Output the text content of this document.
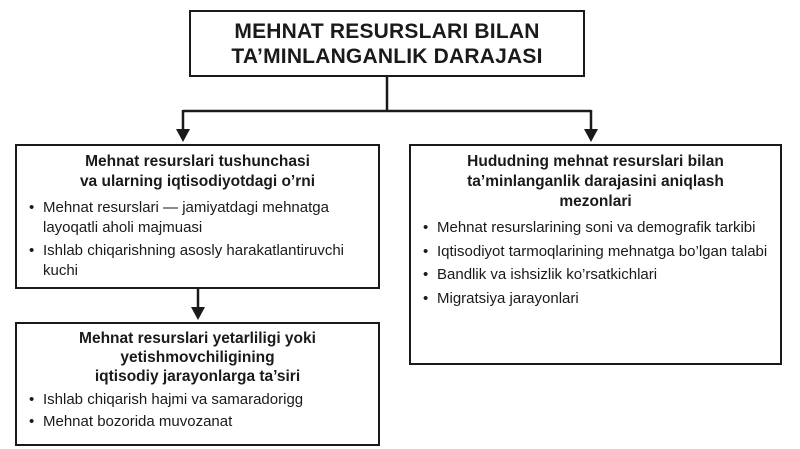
MEHNAT RESURSLARI BILAN
TA’MINLANGANLIK DARAJASI
Mehnat resurslari tushunchasi
va ularning iqtisodiyotdagi o’rni
• Mehnat resurslari — jamiyatdagi mehnatga layoqatli aholi majmuasi
• Ishlab chiqarishning asosly harakatlantiruvchi kuchi
Hududning mehnat resurslari bilan
ta’minlanganlik darajasini aniqlash
mezonlari
• Mehnat resurslarining soni va demografik tarkibi
• Iqtisodiyot tarmoqlarining mehnatga bo’lgan talabi
• Bandlik va ishsizlik ko’rsatkichlari
• Migratsiya jarayonlari
Mehnat resurslari yetarliligi yoki
yetishmovchiligining
iqtisodiy jarayonlarga ta’siri
• Ishlab chiqarish hajmi va samaradorigg
• Mehnat bozorida muvozanat
